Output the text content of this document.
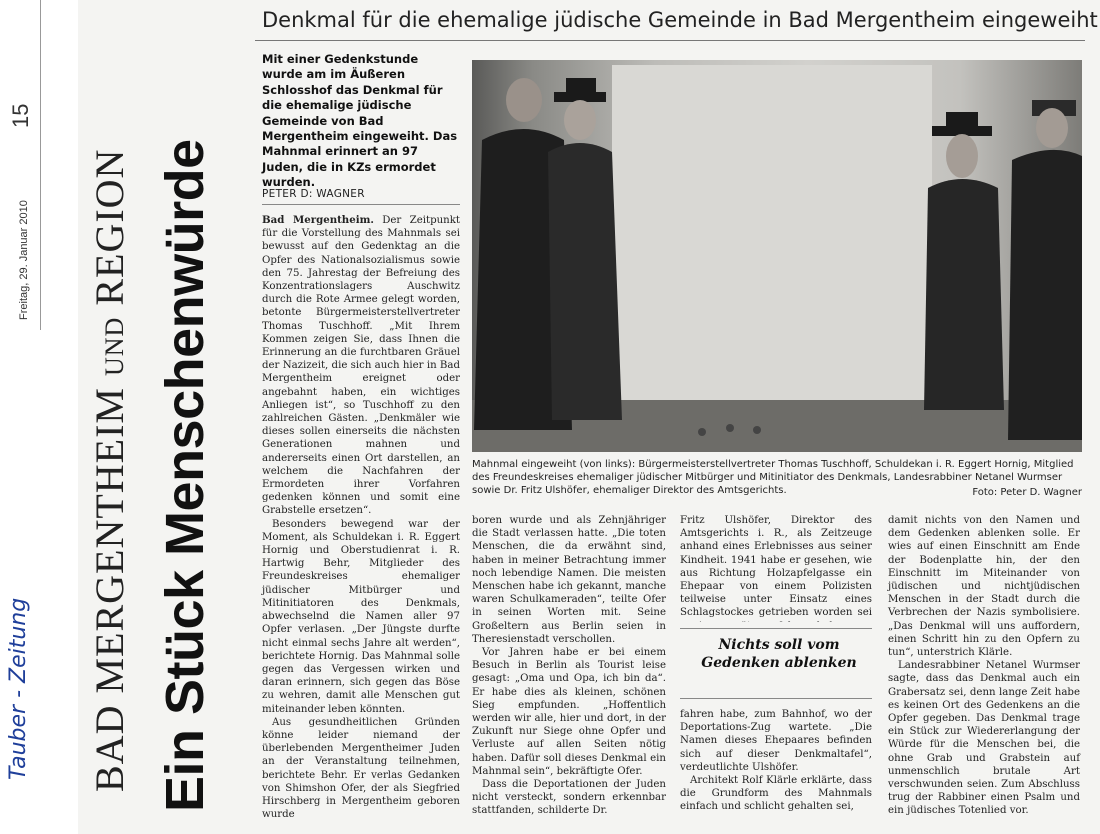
15
Freitag, 29. Januar 2010
Tauber - Zeitung BAD MERGENTHEIM UND REGION Ein Stück Menschenwürde
Denkmal für die ehemalige jüdische Gemeinde in Bad Mergentheim eingeweiht
Mit einer Gedenkstunde wurde am im Äußeren Schlosshof das Denkmal für die ehemalige jüdische Gemeinde von Bad Mergentheim eingeweiht. Das Mahnmal erinnert an 97 Juden, die in KZs ermordet wurden.
PETER D: WAGNER

Bad Mergentheim. Der Zeitpunkt für die Vorstellung des Mahnmals sei bewusst auf den Gedenktag an die Opfer des Nationalsozialismus sowie den 75. Jahrestag der Befreiung des Konzentrationslagers Auschwitz durch die Rote Armee gelegt worden, betonte Bürgermeisterstellvertreter Thomas Tuschhoff. „Mit Ihrem Kommen zeigen Sie, dass Ihnen die Erinnerung an die furchtbaren Gräuel der Nazizeit, die sich auch hier in Bad Mergentheim ereignet oder angebahnt haben, ein wichtiges Anliegen ist“, so Tuschhoff zu den zahlreichen Gästen. „Denkmäler wie dieses sollen einerseits die nächsten Generationen mahnen und andererseits einen Ort darstellen, an welchem die Nachfahren der Ermordeten ihrer Vorfahren gedenken können und somit eine Grabstelle ersetzen“.

Besonders bewegend war der Moment, als Schuldekan i. R. Eggert Hornig und Oberstudienrat i. R. Hartwig Behr, Mitglieder des Freundeskreises ehemaliger jüdischer Mitbürger und Mitinitiatoren des Denkmals, abwechselnd die Namen aller 97 Opfer verlasen. „Der Jüngste durfte nicht einmal sechs Jahre alt werden“, berichtete Hornig. Das Mahnmal solle gegen das Vergessen wirken und daran erinnern, sich gegen das Böse zu wehren, damit alle Menschen gut miteinander leben könnten.

Aus gesundheitlichen Gründen könne leider niemand der überlebenden Mergentheimer Juden an der Veranstaltung teilnehmen, berichtete Behr. Er verlas Gedanken von Shimshon Ofer, der als Siegfried Hirschberg in Mergentheim geboren wurde

Mahnmal eingeweiht (von links): Bürgermeisterstellvertreter Thomas Tuschhoff, Schuldekan i. R. Eggert Hornig, Mitglied des Freundeskreises ehemaliger jüdischer Mitbürger und Mitinitiator des Denkmals, Landesrabbiner Netanel Wurmser sowie Dr. Fritz Ulshöfer, ehemaliger Direktor des Amtsgerichts.	Foto: Peter D. Wagner

boren wurde und als Zehnjähriger die Stadt verlassen hatte. „Die toten Menschen, die da erwähnt sind, haben in meiner Betrachtung immer noch lebendige Namen. Die meisten Menschen habe ich gekannt, manche waren Schulkameraden“, teilte Ofer in seinen Worten mit. Seine Großeltern aus Berlin seien in Theresienstadt verschollen.

Vor Jahren habe er bei einem Besuch in Berlin als Tourist leise gesagt: „Oma und Opa, ich bin da“. Er habe dies als kleinen, schönen Sieg empfunden. „Hoffentlich werden wir alle, hier und dort, in der Zukunft nur Siege ohne Opfer und Verluste auf allen Seiten nötig haben. Dafür soll dieses Denkmal ein Mahnmal sein“, bekräftigte Ofer.

Dass die Deportationen der Juden nicht versteckt, sondern erkennbar stattfanden, schilderte Dr.

Fritz Ulshöfer, Direktor des Amtsgerichts i. R., als Zeitzeuge anhand eines Erlebnisses aus seiner Kindheit. 1941 habe er gesehen, wie aus Richtung Holzapfelgasse ein Ehepaar von einem Polizisten teilweise unter Einsatz eines Schlagstockes getrieben worden sei

Nichts soll vom Gedenken ablenken

fahren habe, zum Bahnhof, wo der Deportations-Zug wartete. „Die Namen dieses Ehepaares befinden sich auf dieser Denkmaltafel“, verdeutlichte Ulshöfer.

Architekt Rolf Klärle erklärte, dass die Grundform des Mahnmals einfach und schlicht gehalten sei,

damit nichts von den Namen und dem Gedenken ablenken solle. Er wies auf einen Einschnitt am Ende der Bodenplatte hin, der den Einschnitt im Miteinander von jüdischen und nichtjüdischen Menschen in der Stadt durch die Verbrechen der Nazis symbolisiere. „Das Denkmal will uns auffordern, einen Schritt hin zu den Opfern zu tun“, unterstrich Klärle.

Landesrabbiner Netanel Wurmser sagte, dass das Denkmal auch ein Grabersatz sei, denn lange Zeit habe es keinen Ort des Gedenkens an die Opfer gegeben. Das Denkmal trage ein Stück zur Wiedererlangung der Würde für die Menschen bei, die ohne Grab und Grabstein auf unmenschlich brutale Art verschwunden seien. Zum Abschluss trug der Rabbiner einen Psalm und ein jüdisches Totenlied vor.
